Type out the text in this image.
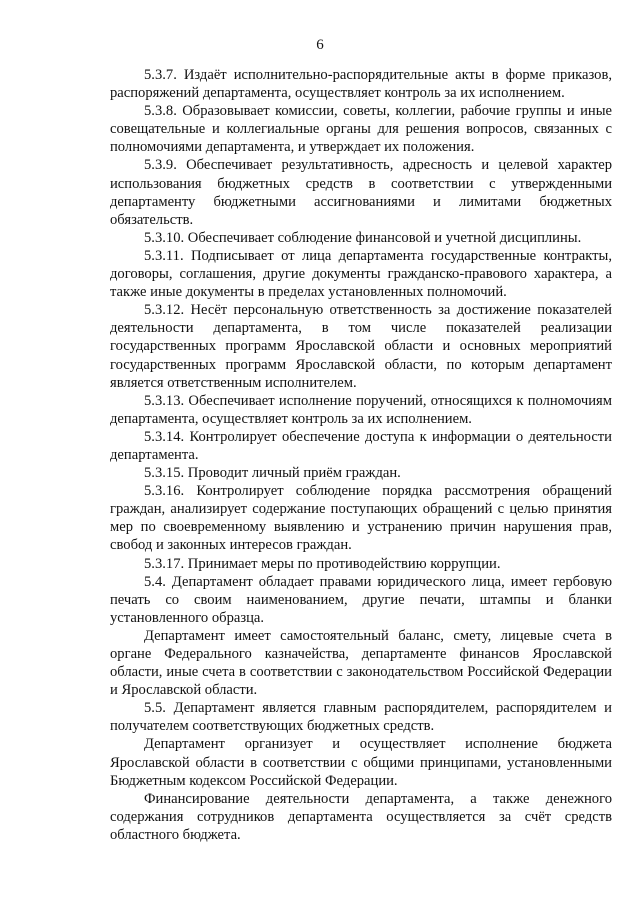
6

5.3.7. Издаёт исполнительно-распорядительные акты в форме приказов, распоряжений департамента, осуществляет контроль за их исполнением.

5.3.8. Образовывает комиссии, советы, коллегии, рабочие группы и иные совещательные и коллегиальные органы для решения вопросов, связанных с полномочиями департамента, и утверждает их положения.

5.3.9. Обеспечивает результативность, адресность и целевой характер использования бюджетных средств в соответствии с утвержденными департаменту бюджетными ассигнованиями и лимитами бюджетных обязательств.

5.3.10. Обеспечивает соблюдение финансовой и учетной дисциплины.

5.3.11. Подписывает от лица департамента государственные контракты, договоры, соглашения, другие документы гражданско-правового характера, а также иные документы в пределах установленных полномочий.

5.3.12. Несёт персональную ответственность за достижение показателей деятельности департамента, в том числе показателей реализации государственных программ Ярославской области и основных мероприятий государственных программ Ярославской области, по которым департамент является ответственным исполнителем.

5.3.13. Обеспечивает исполнение поручений, относящихся к полномочиям департамента, осуществляет контроль за их исполнением.

5.3.14. Контролирует обеспечение доступа к информации о деятельности департамента.

5.3.15. Проводит личный приём граждан.

5.3.16. Контролирует соблюдение порядка рассмотрения обращений граждан, анализирует содержание поступающих обращений с целью принятия мер по своевременному выявлению и устранению причин нарушения прав, свобод и законных интересов граждан.

5.3.17. Принимает меры по противодействию коррупции.

5.4. Департамент обладает правами юридического лица, имеет гербовую печать со своим наименованием, другие печати, штампы и бланки установленного образца.

Департамент имеет самостоятельный баланс, смету, лицевые счета в органе Федерального казначейства, департаменте финансов Ярославской области, иные счета в соответствии с законодательством Российской Федерации и Ярославской области.

5.5. Департамент является главным распорядителем, распорядителем и получателем соответствующих бюджетных средств.

Департамент организует и осуществляет исполнение бюджета Ярославской области в соответствии с общими принципами, установленными Бюджетным кодексом Российской Федерации.

Финансирование деятельности департамента, а также денежного содержания сотрудников департамента осуществляется за счёт средств областного бюджета.
